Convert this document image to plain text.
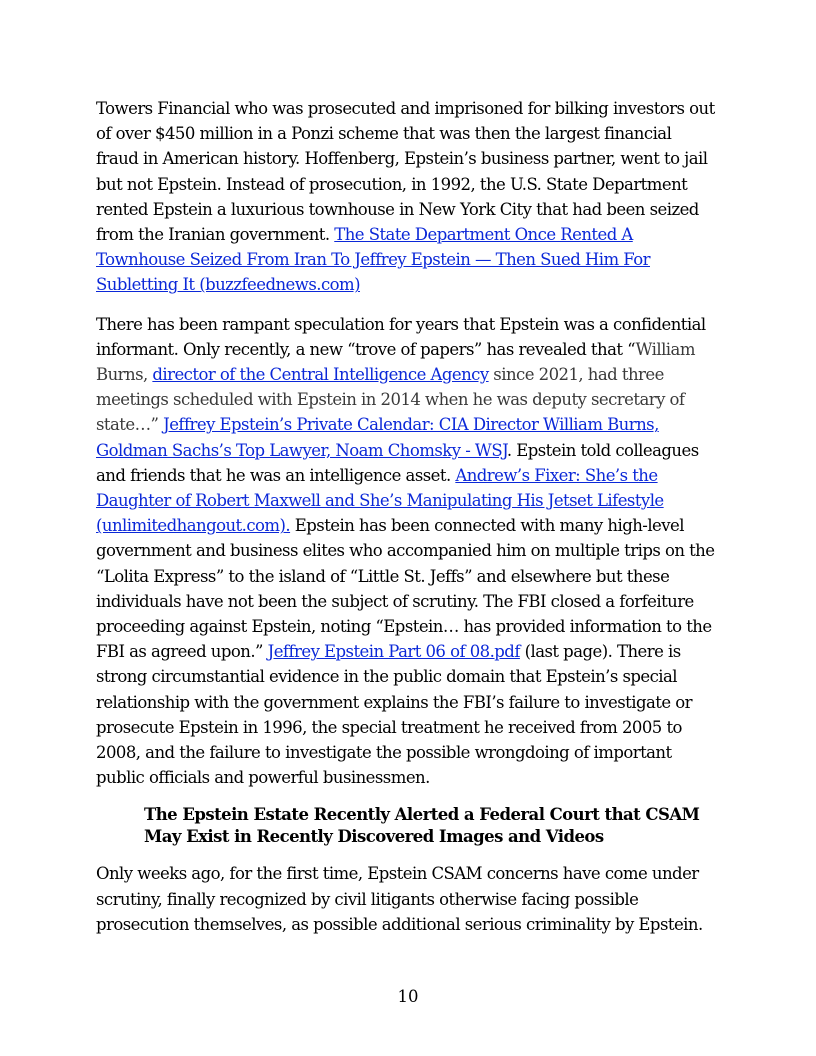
Towers Financial who was prosecuted and imprisoned for bilking investors out of over $450 million in a Ponzi scheme that was then the largest financial fraud in American history. Hoffenberg, Epstein’s business partner, went to jail but not Epstein. Instead of prosecution, in 1992, the U.S. State Department rented Epstein a luxurious townhouse in New York City that had been seized from the Iranian government. The State Department Once Rented A Townhouse Seized From Iran To Jeffrey Epstein — Then Sued Him For Subletting It (buzzfeednews.com)

There has been rampant speculation for years that Epstein was a confidential informant. Only recently, a new “trove of papers” has revealed that “William Burns, director of the Central Intelligence Agency since 2021, had three meetings scheduled with Epstein in 2014 when he was deputy secretary of state…” Jeffrey Epstein’s Private Calendar: CIA Director William Burns, Goldman Sachs’s Top Lawyer, Noam Chomsky - WSJ. Epstein told colleagues and friends that he was an intelligence asset. Andrew’s Fixer: She’s the Daughter of Robert Maxwell and She’s Manipulating His Jetset Lifestyle (unlimitedhangout.com). Epstein has been connected with many high-level government and business elites who accompanied him on multiple trips on the “Lolita Express” to the island of “Little St. Jeffs” and elsewhere but these individuals have not been the subject of scrutiny. The FBI closed a forfeiture proceeding against Epstein, noting “Epstein… has provided information to the FBI as agreed upon.” Jeffrey Epstein Part 06 of 08.pdf (last page). There is strong circumstantial evidence in the public domain that Epstein’s special relationship with the government explains the FBI’s failure to investigate or prosecute Epstein in 1996, the special treatment he received from 2005 to 2008, and the failure to investigate the possible wrongdoing of important public officials and powerful businessmen.

The Epstein Estate Recently Alerted a Federal Court that CSAM May Exist in Recently Discovered Images and Videos

Only weeks ago, for the first time, Epstein CSAM concerns have come under scrutiny, finally recognized by civil litigants otherwise facing possible prosecution themselves, as possible additional serious criminality by Epstein.

10
